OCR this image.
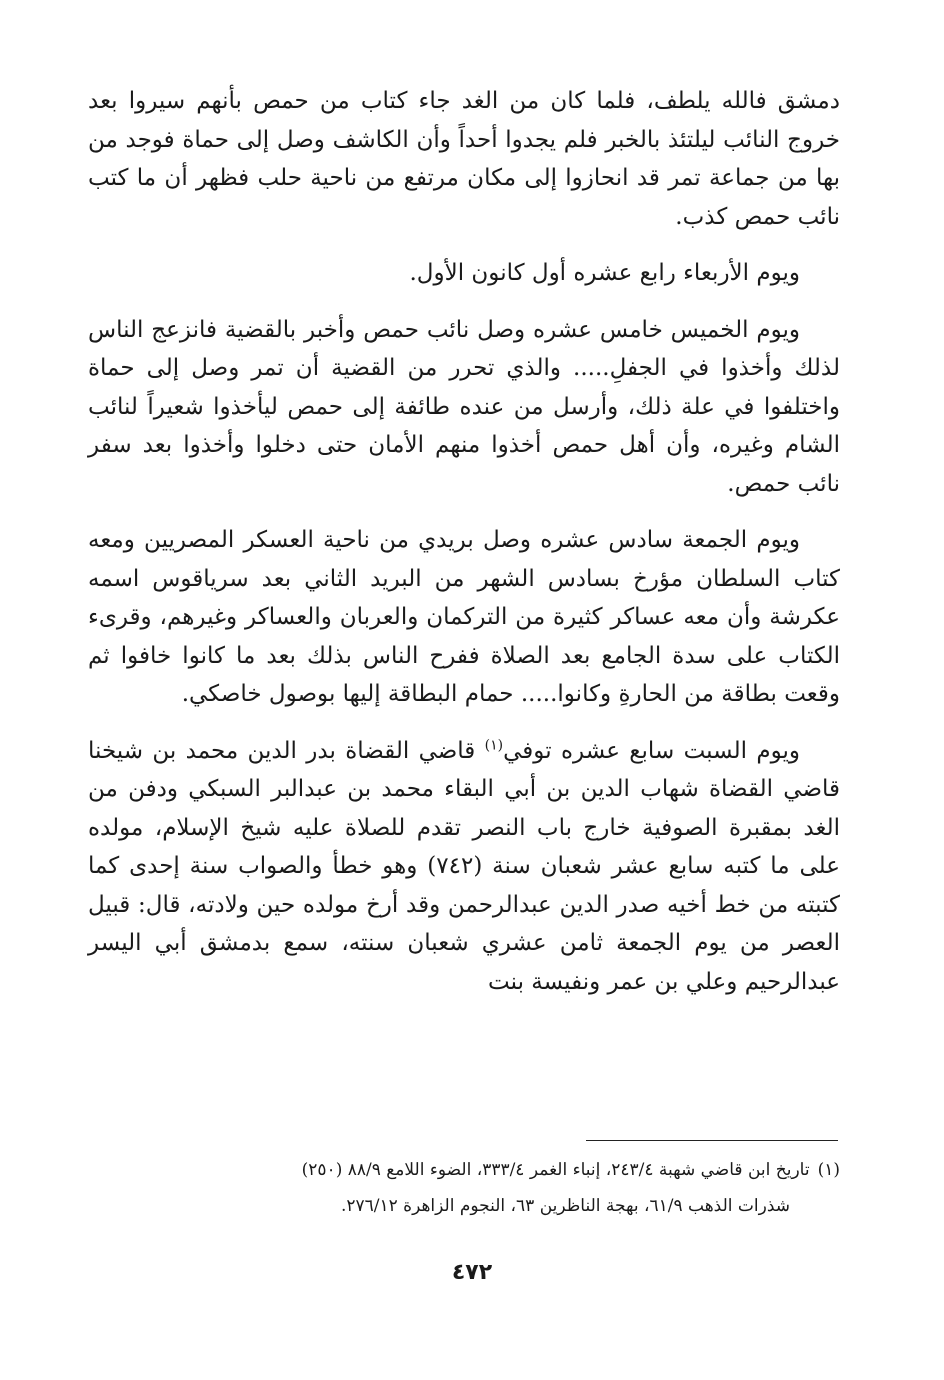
دمشق فالله يلطف، فلما كان من الغد جاء كتاب من حمص بأنهم سيروا بعد خروج النائب ليلتئذ بالخبر فلم يجدوا أحداً وأن الكاشف وصل إلى حماة فوجد من بها من جماعة تمر قد انحازوا إلى مكان مرتفع من ناحية حلب فظهر أن ما كتب نائب حمص كذب.

ويوم الأربعاء رابع عشره أول كانون الأول.

ويوم الخميس خامس عشره وصل نائب حمص وأخبر بالقضية فانزعج الناس لذلك وأخذوا في الجفلِ..... والذي تحرر من القضية أن تمر وصل إلى حماة واختلفوا في علة ذلك، وأرسل من عنده طائفة إلى حمص ليأخذوا شعيراً لنائب الشام وغيره، وأن أهل حمص أخذوا منهم الأمان حتى دخلوا وأخذوا بعد سفر نائب حمص.

ويوم الجمعة سادس عشره وصل بريدي من ناحية العسكر المصريين ومعه كتاب السلطان مؤرخ بسادس الشهر من البريد الثاني بعد سرياقوس اسمه عكرشة وأن معه عساكر كثيرة من التركمان والعربان والعساكر وغيرهم، وقرىء الكتاب على سدة الجامع بعد الصلاة ففرح الناس بذلك بعد ما كانوا خافوا ثم وقعت بطاقة من الحارةِ وكانوا..... حمام البطاقة إليها بوصول خاصكي.

ويوم السبت سابع عشره توفي$^{(١)}$ قاضي القضاة بدر الدين محمد بن شيخنا قاضي القضاة شهاب الدين بن أبي البقاء محمد بن عبدالبر السبكي ودفن من الغد بمقبرة الصوفية خارج باب النصر تقدم للصلاة عليه شيخ الإسلام، مولده على ما كتبه سابع عشر شعبان سنة (٧٤٢) وهو خطأ والصواب سنة إحدى كما كتبته من خط أخيه صدر الدين عبدالرحمن وقد أرخ مولده حين ولادته، قال: قبيل العصر من يوم الجمعة ثامن عشري شعبان سنته، سمع بدمشق أبي اليسر عبدالرحيم وعلي بن عمر ونفيسة بنت

(١)تاريخ ابن قاضي شهبة ٢٤٣/٤، إنباء الغمر ٣٣٣/٤، الضوء اللامع ٨٨/٩ (٢٥٠)
شذرات الذهب ٦١/٩، بهجة الناظرين ٦٣، النجوم الزاهرة ٢٧٦/١٢.
٤٧٢
